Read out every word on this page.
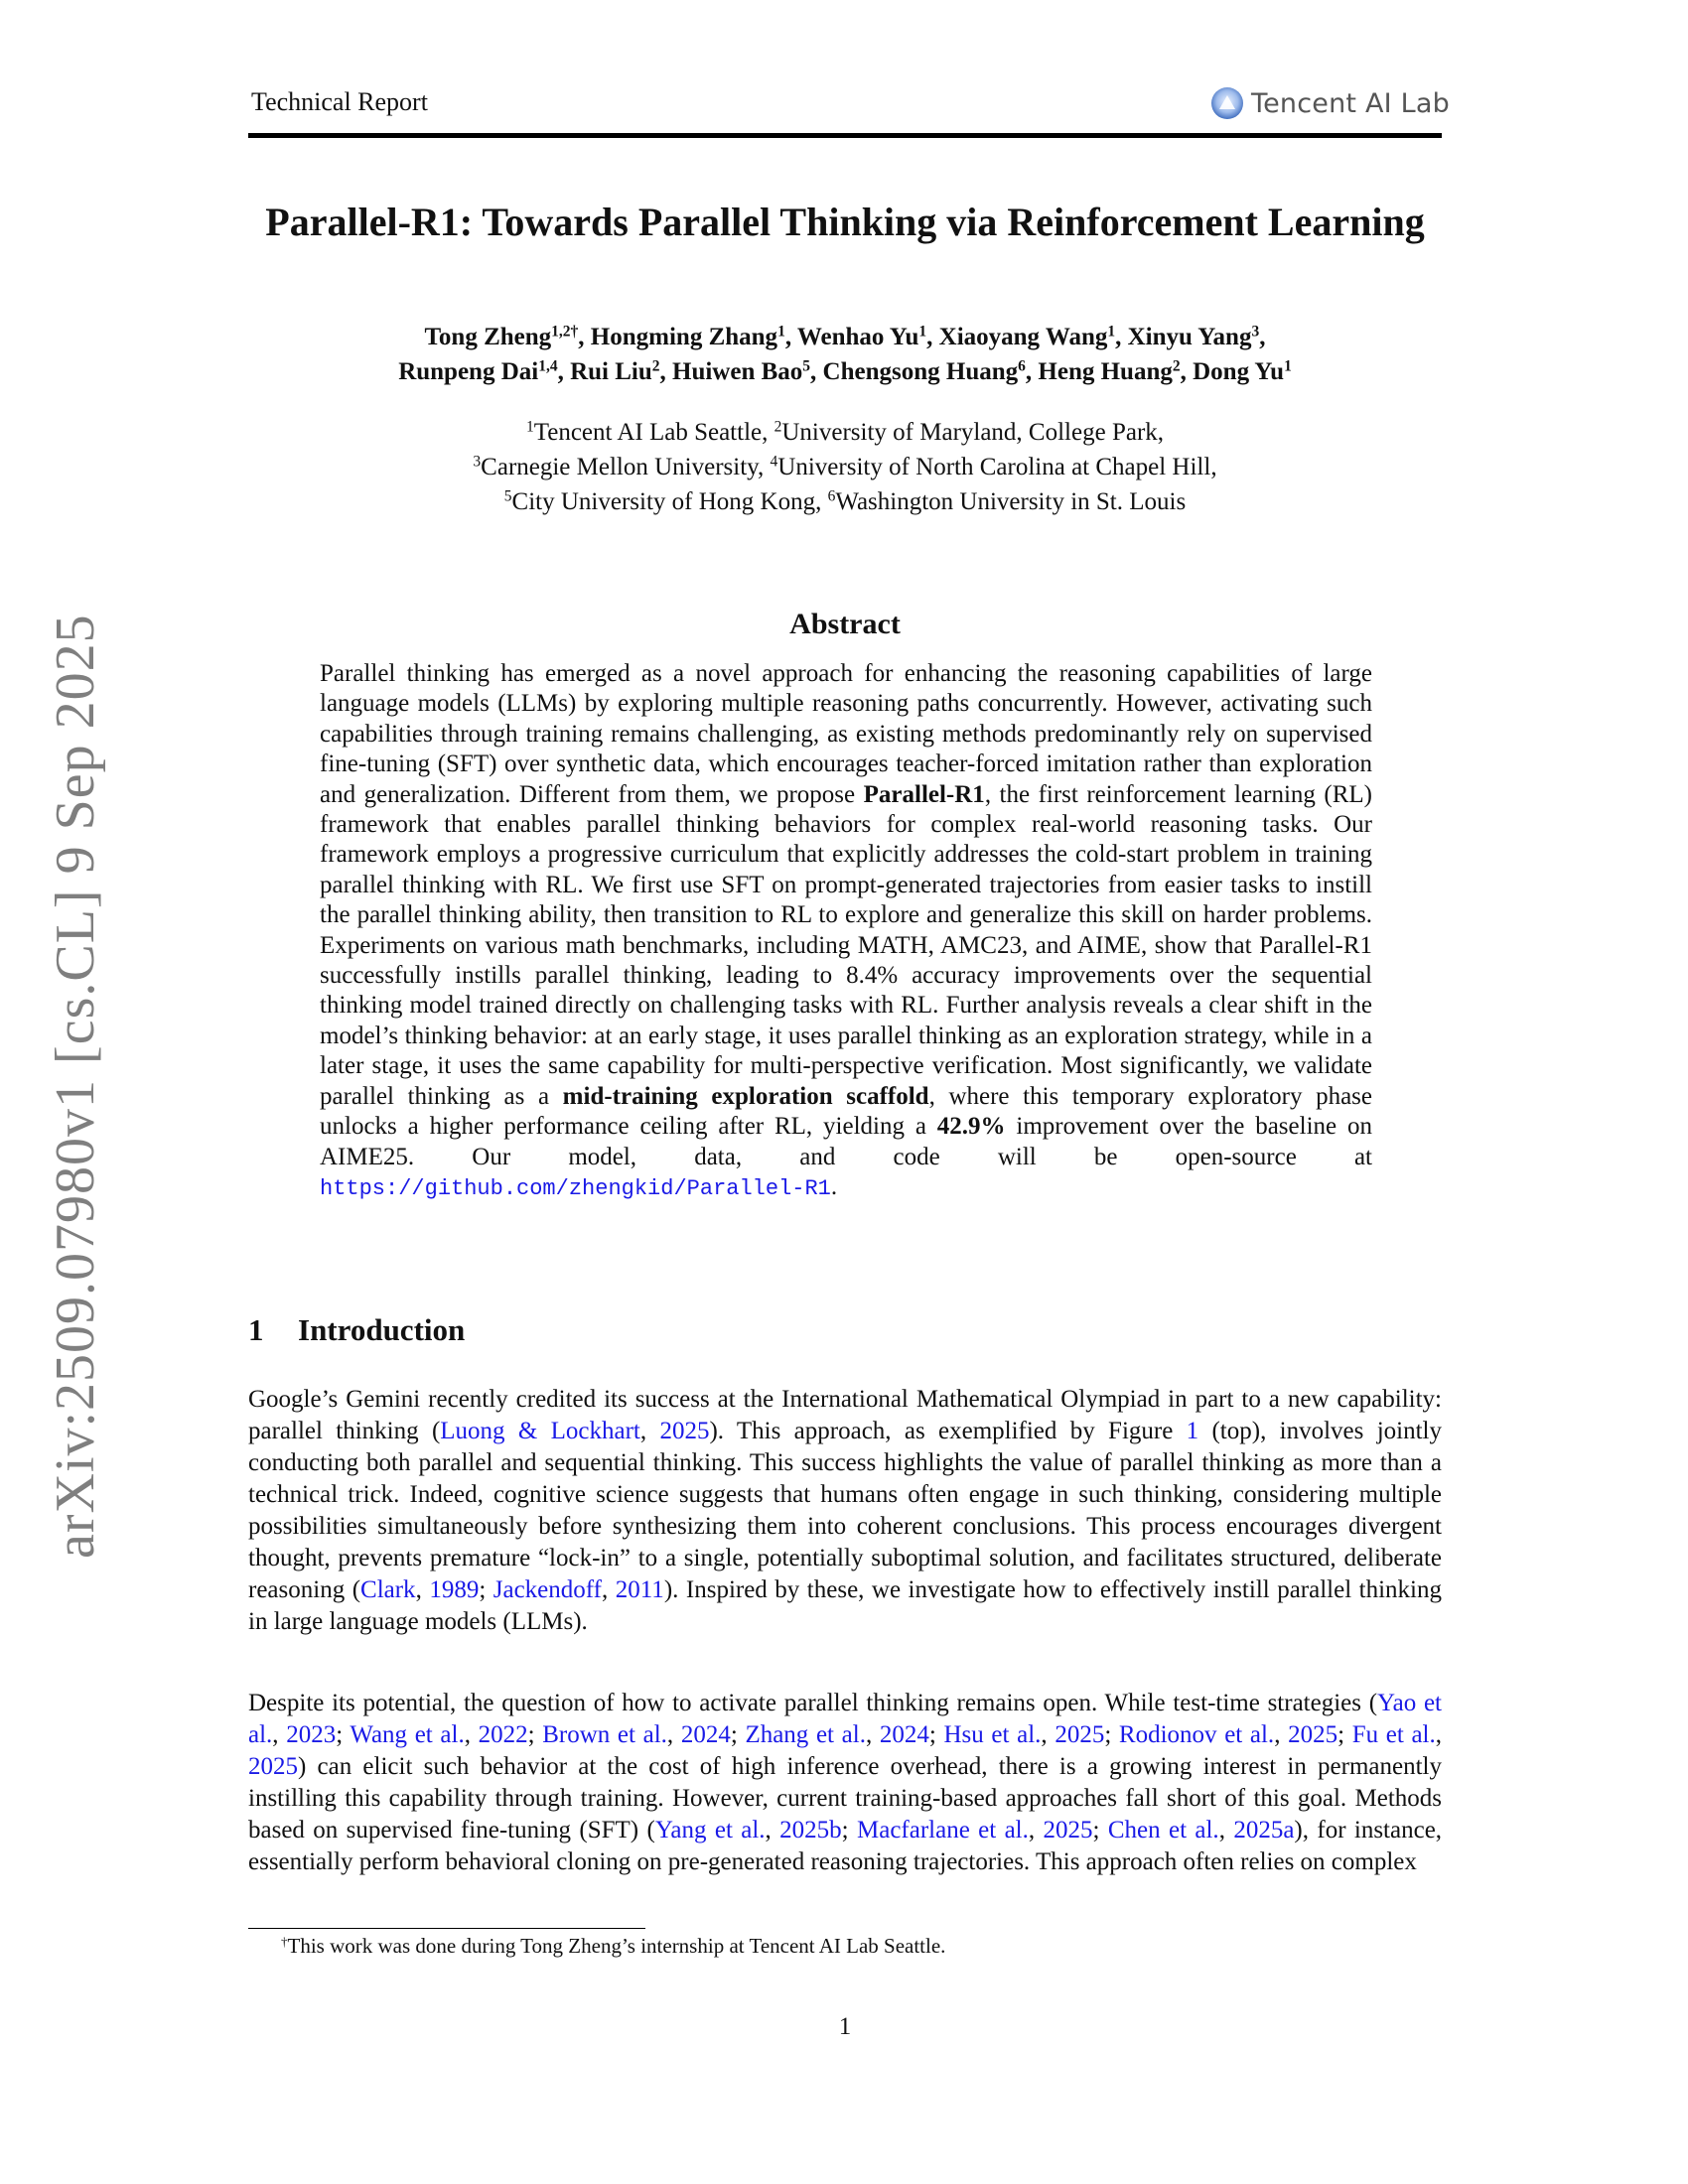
Technical Report	Tencent AI Lab
arXiv:2509.07980v1 [cs.CL] 9 Sep 2025
Parallel-R1: Towards Parallel Thinking via Reinforcement Learning
Tong Zheng$^{1,2\dagger}$, Hongming Zhang$^1$, Wenhao Yu$^1$, Xiaoyang Wang$^1$, Xinyu Yang$^3$,
Runpeng Dai$^{1,4}$, Rui Liu$^2$, Huiwen Bao$^5$, Chengsong Huang$^6$, Heng Huang$^2$, Dong Yu$^1$
$^1$Tencent AI Lab Seattle, $^2$University of Maryland, College Park,
$^3$Carnegie Mellon University, $^4$University of North Carolina at Chapel Hill,
$^5$City University of Hong Kong, $^6$Washington University in St. Louis
Abstract
Parallel thinking has emerged as a novel approach for enhancing the reasoning capabilities of large language models (LLMs) by exploring multiple reasoning paths concurrently. However, activating such capabilities through training remains challenging, as existing methods predominantly rely on supervised fine-tuning (SFT) over synthetic data, which encourages teacher-forced imitation rather than exploration and generalization. Different from them, we propose Parallel-R1, the first reinforcement learning (RL) framework that enables parallel thinking behaviors for complex real-world reasoning tasks. Our framework employs a progressive curriculum that explicitly addresses the cold-start problem in training parallel thinking with RL. We first use SFT on prompt-generated trajectories from easier tasks to instill the parallel thinking ability, then transition to RL to explore and generalize this skill on harder problems. Experiments on various math benchmarks, including MATH, AMC23, and AIME, show that Parallel-R1 successfully instills parallel thinking, leading to 8.4% accuracy improvements over the sequential thinking model trained directly on challenging tasks with RL. Further analysis reveals a clear shift in the model’s thinking behavior: at an early stage, it uses parallel thinking as an exploration strategy, while in a later stage, it uses the same capability for multi-perspective verification. Most significantly, we validate parallel thinking as a mid-training exploration scaffold, where this temporary exploratory phase unlocks a higher performance ceiling after RL, yielding a 42.9% improvement over the baseline on AIME25. Our model, data, and code will be open-source at https://github.com/zhengkid/Parallel-R1.
1 Introduction
Google’s Gemini recently credited its success at the International Mathematical Olympiad in part to a new capability: parallel thinking (Luong & Lockhart, 2025). This approach, as exemplified by Figure 1 (top), involves jointly conducting both parallel and sequential thinking. This success highlights the value of parallel thinking as more than a technical trick. Indeed, cognitive science suggests that humans often engage in such thinking, considering multiple possibilities simultaneously before synthesizing them into coherent conclusions. This process encourages divergent thought, prevents premature “lock-in” to a single, potentially suboptimal solution, and facilitates structured, deliberate reasoning (Clark, 1989; Jackendoff, 2011). Inspired by these, we investigate how to effectively instill parallel thinking in large language models (LLMs).
Despite its potential, the question of how to activate parallel thinking remains open. While test-time strategies (Yao et al., 2023; Wang et al., 2022; Brown et al., 2024; Zhang et al., 2024; Hsu et al., 2025; Rodionov et al., 2025; Fu et al., 2025) can elicit such behavior at the cost of high inference overhead, there is a growing interest in permanently instilling this capability through training. However, current training-based approaches fall short of this goal. Methods based on supervised fine-tuning (SFT) (Yang et al., 2025b; Macfarlane et al., 2025; Chen et al., 2025a), for instance, essentially perform behavioral cloning on pre-generated reasoning trajectories. This approach often relies on complex
†This work was done during Tong Zheng’s internship at Tencent AI Lab Seattle.
1
